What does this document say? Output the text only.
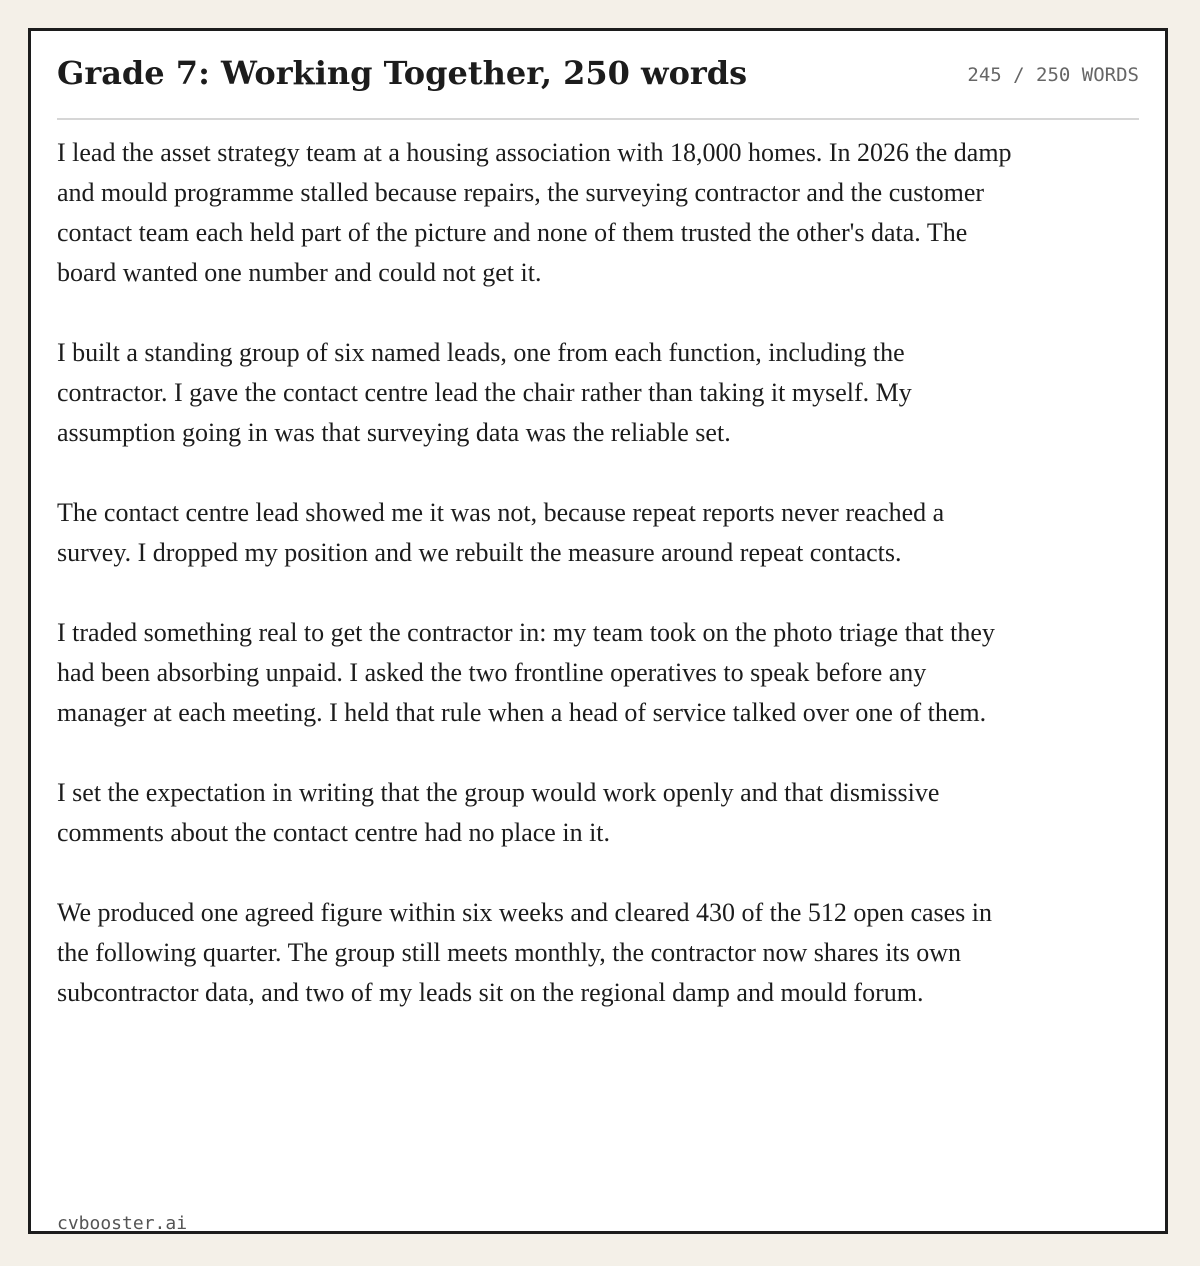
Grade 7: Working Together, 250 words	245 / 250 WORDS

I lead the asset strategy team at a housing association with 18,000 homes. In 2026 the damp and mould programme stalled because repairs, the surveying contractor and the customer contact team each held part of the picture and none of them trusted the other's data. The board wanted one number and could not get it.

I built a standing group of six named leads, one from each function, including the contractor. I gave the contact centre lead the chair rather than taking it myself. My assumption going in was that surveying data was the reliable set.

The contact centre lead showed me it was not, because repeat reports never reached a survey. I dropped my position and we rebuilt the measure around repeat contacts.

I traded something real to get the contractor in: my team took on the photo triage that they had been absorbing unpaid. I asked the two frontline operatives to speak before any manager at each meeting. I held that rule when a head of service talked over one of them.

I set the expectation in writing that the group would work openly and that dismissive comments about the contact centre had no place in it.

We produced one agreed figure within six weeks and cleared 430 of the 512 open cases in the following quarter. The group still meets monthly, the contractor now shares its own subcontractor data, and two of my leads sit on the regional damp and mould forum.

cvbooster.ai
